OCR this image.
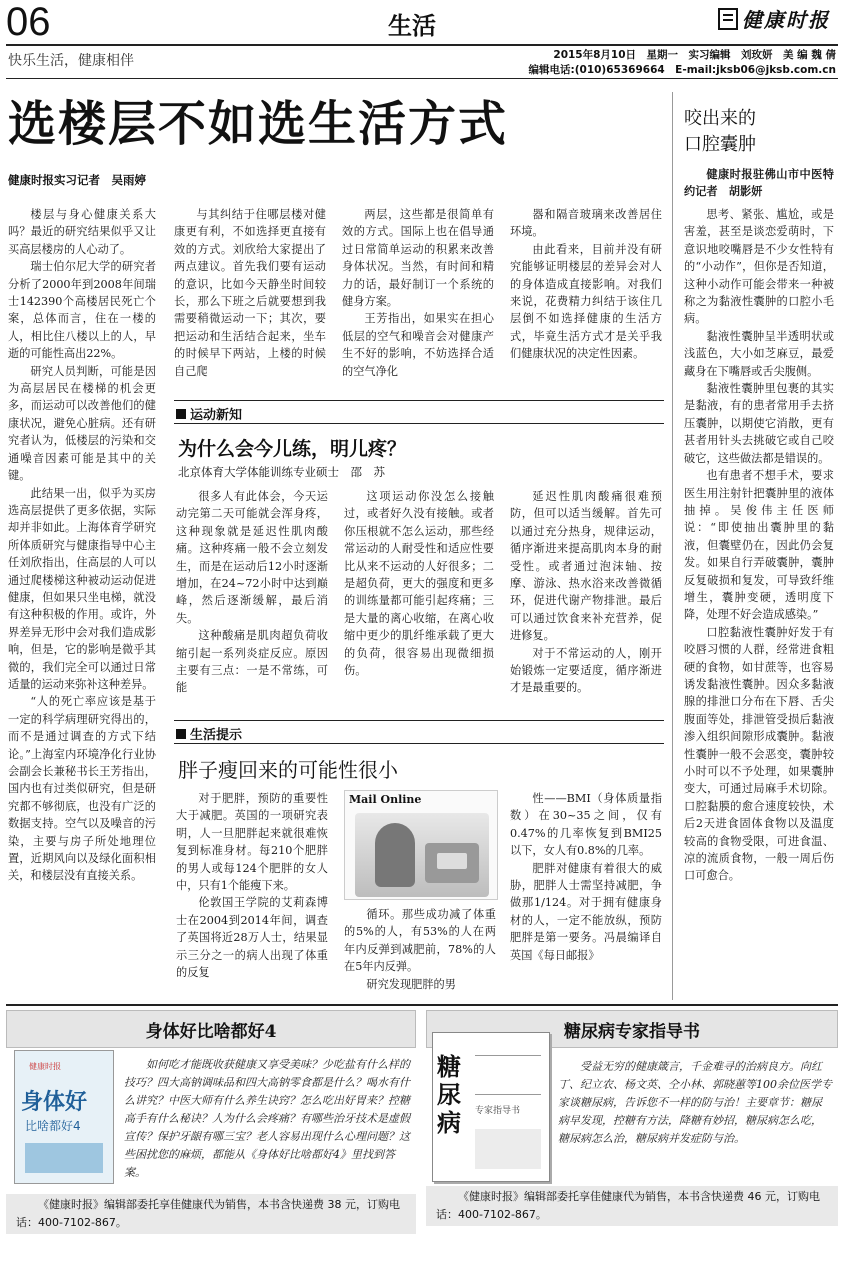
06	生活	健康时报
快乐生活，健康相伴	2015年8月10日　星期一　实习编辑　刘玫妍　美 编 魏 倩
编辑电话:(010)65369664　E-mail:jksb06@jksb.com.cn
选楼层不如选生活方式
健康时报实习记者　吴雨婷

楼层与身心健康关系大吗？最近的研究结果似乎又让买高层楼房的人心动了。

瑞士伯尔尼大学的研究者分析了2000年到2008年间瑞士142390个高楼居民死亡个案，总体而言，住在一楼的人，相比住八楼以上的人，早逝的可能性高出22%。

研究人员判断，可能是因为高层居民在楼梯的机会更多，而运动可以改善他们的健康状况，避免心脏病。还有研究者认为，低楼层的污染和交通噪音因素可能是其中的关键。

此结果一出，似乎为买房选高层提供了更多依据，实际却并非如此。上海体育学研究所体质研究与健康指导中心主任刘欣指出，住高层的人可以通过爬楼梯这种被动运动促进健康，但如果只坐电梯，就没有这种积极的作用。或许，外界差异无形中会对我们造成影响，但是，它的影响是微乎其微的，我们完全可以通过日常适量的运动来弥补这种差异。

“人的死亡率应该是基于一定的科学病理研究得出的，而不是通过调查的方式下结论。”上海室内环境净化行业协会副会长兼秘书长王芳指出，国内也有过类似研究，但是研究都不够彻底，也没有广泛的数据支持。空气以及噪音的污染，主要与房子所处地理位置，近期风向以及绿化面积相关，和楼层没有直接关系。

与其纠结于住哪层楼对健康更有利，不如选择更直接有效的方式。刘欣给大家提出了两点建议。首先我们要有运动的意识，比如今天静坐时间较长，那么下班之后就要想到我需要稍微运动一下；其次，要把运动和生活结合起来，坐车的时候早下两站，上楼的时候自己爬

两层，这些都是很简单有效的方式。国际上也在倡导通过日常简单运动的积累来改善身体状况。当然，有时间和精力的话，最好制订一个系统的健身方案。

王芳指出，如果实在担心低层的空气和噪音会对健康产生不好的影响，不妨选择合适的空气净化

器和隔音玻璃来改善居住环境。

由此看来，目前并没有研究能够证明楼层的差异会对人的身体造成直接影响。对我们来说，花费精力纠结于该住几层倒不如选择健康的生活方式，毕竟生活方式才是关乎我们健康状况的决定性因素。

运动新知
为什么会今儿练，明儿疼？
北京体育大学体能训练专业硕士　邵　苏

很多人有此体会，今天运动完第二天可能就会浑身疼，这种现象就是延迟性肌肉酸痛。这种疼痛一般不会立刻发生，而是在运动后12小时逐渐增加，在24~72小时中达到巅峰，然后逐渐缓解，最后消失。

这种酸痛是肌肉超负荷收缩引起一系列炎症反应。原因主要有三点：一是不常练，可能

这项运动你没怎么接触过，或者好久没有接触。或者你压根就不怎么运动，那些经常运动的人耐受性和适应性要比从来不运动的人好很多；二是超负荷，更大的强度和更多的训练量都可能引起疼痛；三是大量的离心收缩，在离心收缩中更少的肌纤维承载了更大的负荷，很容易出现微细损伤。

延迟性肌肉酸痛很难预防，但可以适当缓解。首先可以通过充分热身，规律运动，循序渐进来提高肌肉本身的耐受性。或者通过泡沫轴、按摩、游泳、热水浴来改善微循环，促进代谢产物排泄。最后可以通过饮食来补充营养，促进修复。

对于不常运动的人，刚开始锻炼一定要适度，循序渐进才是最重要的。

生活提示
胖子瘦回来的可能性很小

对于肥胖，预防的重要性大于减肥。英国的一项研究表明，人一旦肥胖起来就很难恢复到标准身材。每210个肥胖的男人或每124个肥胖的女人中，只有1个能瘦下来。

伦敦国王学院的艾莉森博士在2004到2014年间，调查了英国将近28万人士，结果显示三分之一的病人出现了体重的反复

Mail Online

循环。那些成功减了体重的5%的人，有53%的人在两年内反弹到减肥前，78%的人在5年内反弹。

研究发现肥胖的男

性——BMI（身体质量指数）在30~35之间，仅有0.47%的几率恢复到BMI25以下，女人有0.8%的几率。

肥胖对健康有着很大的威胁，肥胖人士需坚持减肥，争做那1/124。对于拥有健康身材的人，一定不能放纵，预防肥胖是第一要务。冯晨编译自英国《每日邮报》

咬出来的
口腔囊肿

健康时报驻佛山市中医特约记者　胡影妍

思考、紧张、尴尬，或是害羞，甚至是谈恋爱萌时，下意识地咬嘴唇是不少女性特有的“小动作”，但你是否知道，这种小动作可能会带来一种被称之为黏液性囊肿的口腔小毛病。

黏液性囊肿呈半透明状或浅蓝色，大小如芝麻豆，最爱藏身在下嘴唇或舌尖腹侧。

黏液性囊肿里包裹的其实是黏液，有的患者常用手去挤压囊肿，以期使它消散，更有甚者用针头去挑破它或自己咬破它，这些做法都是错误的。

也有患者不想手术，要求医生用注射针把囊肿里的液体抽掉。吴俊伟主任医师说：“即使抽出囊肿里的黏液，但囊壁仍在，因此仍会复发。如果自行弄破囊肿，囊肿反复破损和复发，可导致纤维增生，囊肿变硬，透明度下降，处理不好会造成感染。”

口腔黏液性囊肿好发于有咬唇习惯的人群，经常进食粗硬的食物，如甘蔗等，也容易诱发黏液性囊肿。因众多黏液腺的排泄口分布在下唇、舌尖腹面等处，排泄管受损后黏液渗入组织间隙形成囊肿。黏液性囊肿一般不会恶变，囊肿较小时可以不予处理，如果囊肿变大，可通过局麻手术切除。口腔黏膜的愈合速度较快，术后2天进食固体食物以及温度较高的食物受限，可进食温、凉的流质食物，一般一周后伤口可愈合。

身体好比啥都好4
健康时报
身体好
比啥都好4
如何吃才能既收获健康又享受美味？少吃盐有什么样的技巧？四大高钠调味品和四大高钠零食都是什么？喝水有什么讲究？中医大师有什么养生诀窍？怎么吃出好胃来？控糖高手有什么秘诀？人为什么会疼痛？有哪些治牙技术是虚假宣传？保护牙龈有哪三宝？老人容易出现什么心理问题？这些困扰您的麻烦，都能从《身体好比啥都好4》里找到答案。
《健康时报》编辑部委托享佳健康代为销售，本书含快递费 38 元，订购电话：400-7102-867。
糖尿病专家指导书
糖尿病	专家指导书
受益无穷的健康箴言，千金难寻的治病良方。向红丁、纪立农、杨文英、仝小林、郭晓蕙等100余位医学专家谈糖尿病，告诉您不一样的防与治！主要章节：糖尿病早发现，控糖有方法，降糖有妙招，糖尿病怎么吃，糖尿病怎么治，糖尿病并发症防与治。
《健康时报》编辑部委托享佳健康代为销售，本书含快递费 46 元，订购电话：400-7102-867。
